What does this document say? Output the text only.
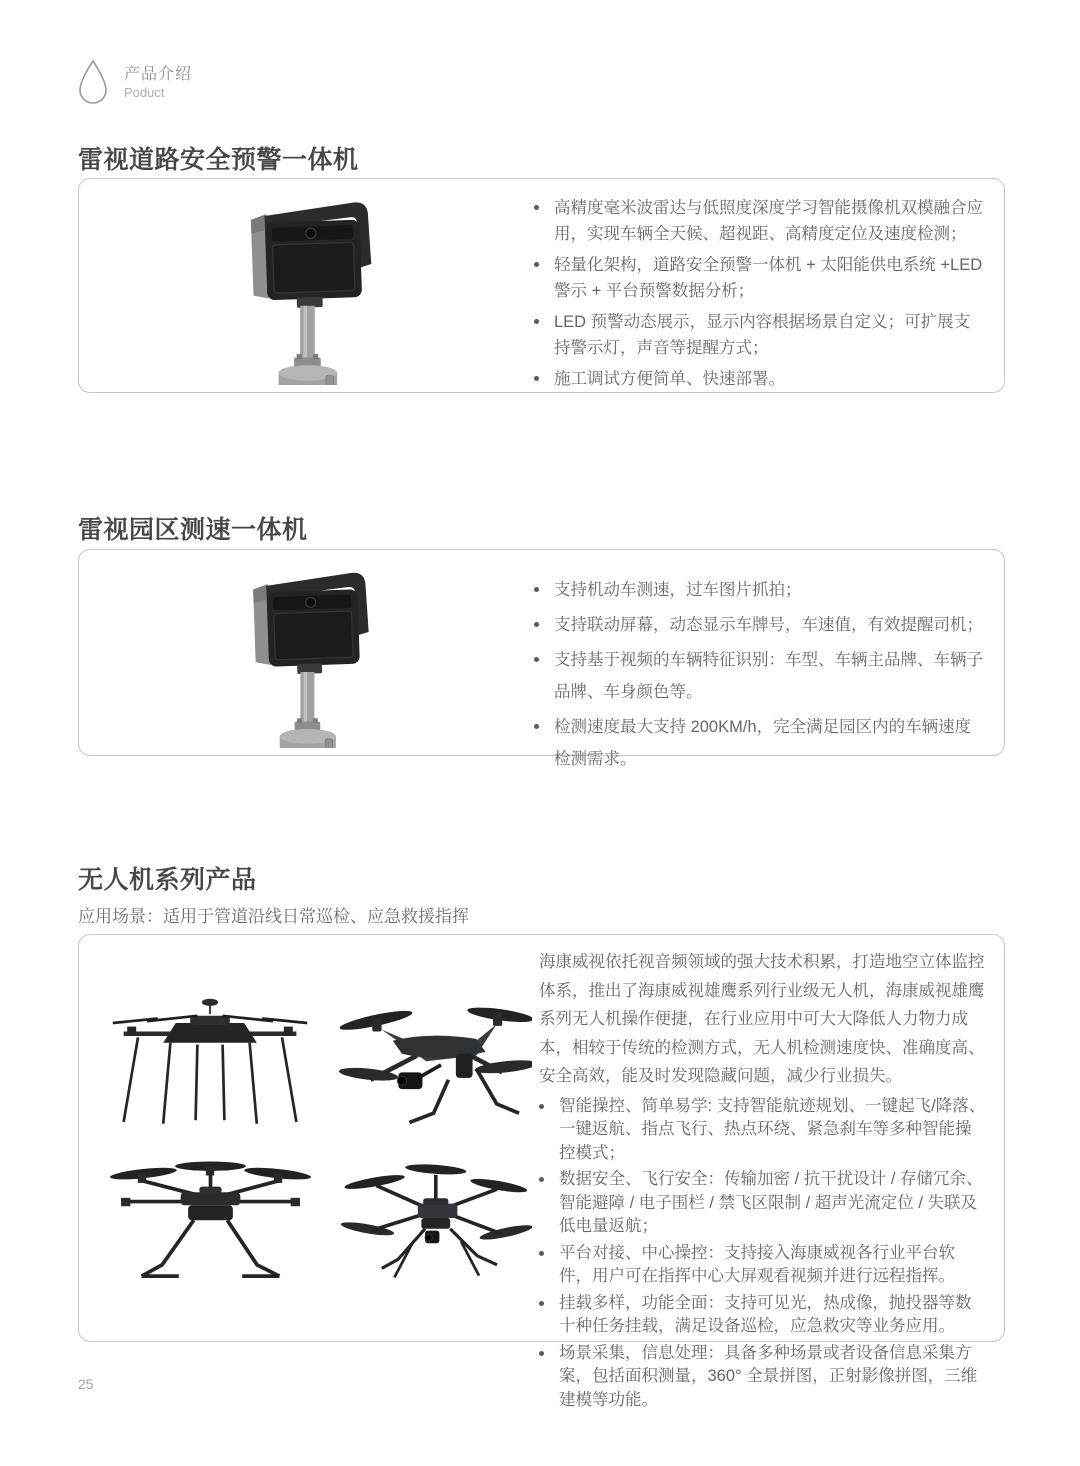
产品介绍
Poduct
雷视道路安全预警一体机
高精度毫米波雷达与低照度深度学习智能摄像机双模融合应用，实现车辆全天候、超视距、高精度定位及速度检测；
轻量化架构，道路安全预警一体机 + 太阳能供电系统 +LED 警示 + 平台预警数据分析；
LED 预警动态展示，显示内容根据场景自定义；可扩展支持警示灯，声音等提醒方式；
施工调试方便简单、快速部署。
雷视园区测速一体机
支持机动车测速，过车图片抓拍；
支持联动屏幕，动态显示车牌号，车速值，有效提醒司机；
支持基于视频的车辆特征识别：车型、车辆主品牌、车辆子品牌、车身颜色等。
检测速度最大支持 200KM/h，完全满足园区内的车辆速度检测需求。
无人机系列产品
应用场景：适用于管道沿线日常巡检、应急救援指挥

海康威视依托视音频领域的强大技术积累，打造地空立体监控体系，推出了海康威视雄鹰系列行业级无人机，海康威视雄鹰系列无人机操作便捷，在行业应用中可大大降低人力物力成本，相较于传统的检测方式，无人机检测速度快、准确度高、安全高效，能及时发现隐藏问题，减少行业损失。

智能操控、简单易学: 支持智能航迹规划、一键起飞/降落、一键返航、指点飞行、热点环绕、紧急刹车等多种智能操控模式；
数据安全、飞行安全：传输加密 / 抗干扰设计 / 存储冗余、智能避障 / 电子围栏 / 禁飞区限制 / 超声光流定位 / 失联及低电量返航；
平台对接、中心操控：支持接入海康威视各行业平台软件，用户可在指挥中心大屏观看视频并进行远程指挥。
挂载多样，功能全面：支持可见光，热成像，抛投器等数十种任务挂载，满足设备巡检，应急救灾等业务应用。
场景采集，信息处理：具备多种场景或者设备信息采集方案，包括面积测量，360° 全景拼图，正射影像拼图，三维建模等功能。
25
